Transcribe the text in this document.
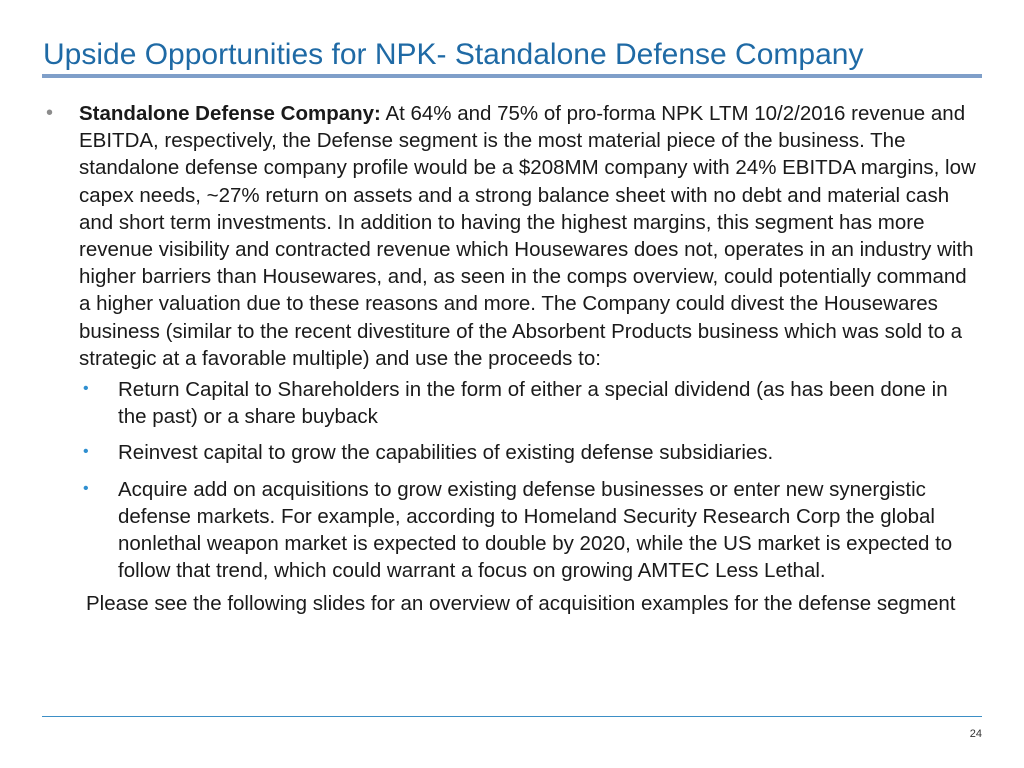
Upside Opportunities for NPK- Standalone Defense Company
• Standalone Defense Company: At 64% and 75% of pro-forma NPK LTM 10/2/2016 revenue and EBITDA, respectively, the Defense segment is the most material piece of the business. The standalone defense company profile would be a $208MM company with 24% EBITDA margins, low capex needs, ~27% return on assets and a strong balance sheet with no debt and material cash and short term investments. In addition to having the highest margins, this segment has more revenue visibility and contracted revenue which Housewares does not, operates in an industry with higher barriers than Housewares, and, as seen in the comps overview, could potentially command a higher valuation due to these reasons and more. The Company could divest the Housewares business (similar to the recent divestiture of the Absorbent Products business which was sold to a strategic at a favorable multiple) and use the proceeds to:
• Return Capital to Shareholders in the form of either a special dividend (as has been done in the past) or a share buyback
• Reinvest capital to grow the capabilities of existing defense subsidiaries.
• Acquire add on acquisitions to grow existing defense businesses or enter new synergistic defense markets. For example, according to Homeland Security Research Corp the global nonlethal weapon market is expected to double by 2020, while the US market is expected to follow that trend, which could warrant a focus on growing AMTEC Less Lethal.
Please see the following slides for an overview of acquisition examples for the defense segment
24
